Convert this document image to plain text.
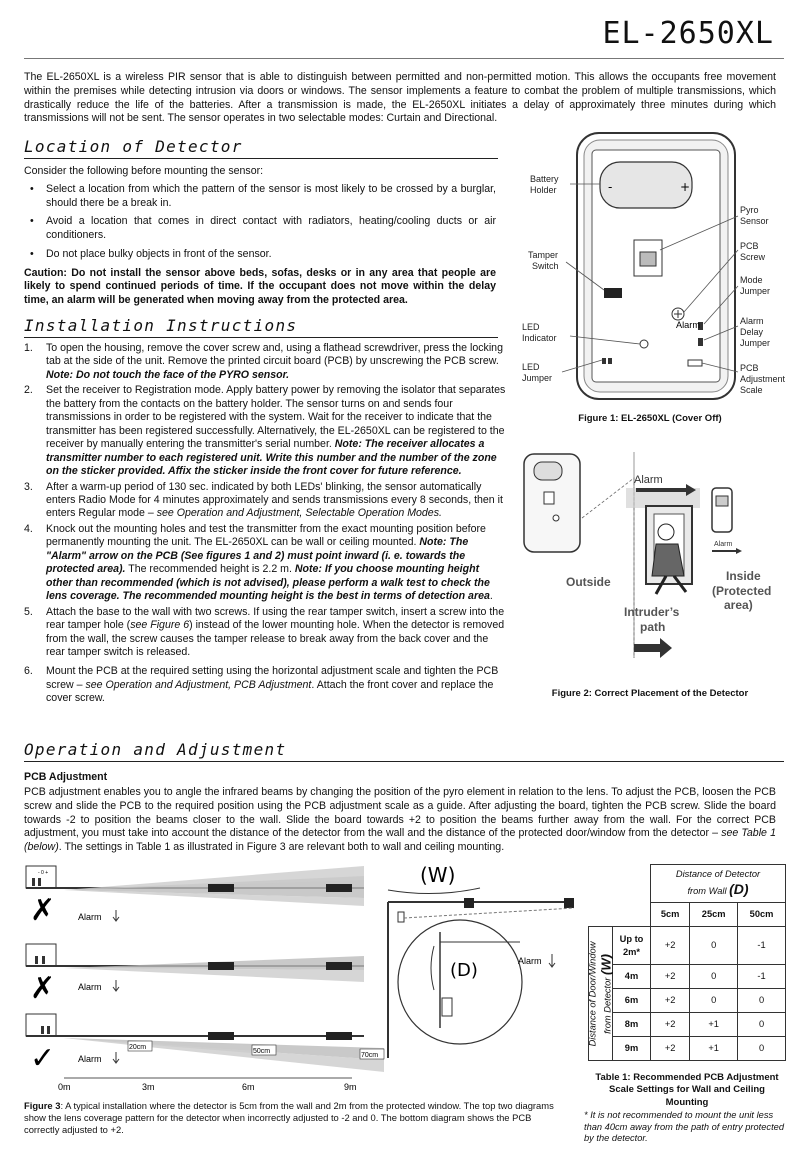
EL-2650XL
The EL-2650XL is a wireless PIR sensor that is able to distinguish between permitted and non-permitted motion. This allows the occupants free movement within the premises while detecting intrusion via doors or windows. The sensor implements a feature to combat the problem of multiple transmissions, which drastically reduce the life of the batteries. After a transmission is made, the EL-2650XL initiates a delay of approximately three minutes during which transmissions will not be sent. The sensor operates in two selectable modes: Curtain and Directional.
Location of Detector
Consider the following before mounting the sensor:
• Select a location from which the pattern of the sensor is most likely to be crossed by a burglar, should there be a break in.
• Avoid a location that comes in direct contact with radiators, heating/cooling ducts or air conditioners.
• Do not place bulky objects in front of the sensor.
Caution: Do not install the sensor above beds, sofas, desks or in any area that people are likely to spend continued periods of time. If the occupant does not move within the delay time, an alarm will be generated when moving away from the protected area.
Installation Instructions
1. To open the housing, remove the cover screw and, using a flathead screwdriver, press the locking tab at the side of the unit. Remove the printed circuit board (PCB) by unscrewing the PCB screw.
Note: Do not touch the face of the PYRO sensor.
2. Set the receiver to Registration mode. Apply battery power by removing the isolator that separates the battery from the contacts on the battery holder. The sensor turns on and sends four transmissions in order to be registered with the system. Wait for the receiver to indicate that the transmitter has been registered successfully. Alternatively, the EL-2650XL can be registered to the receiver by manually entering the transmitter's serial number. Note: The receiver allocates a transmitter number to each registered unit. Write this number and the number of the zone on the sticker provided. Affix the sticker inside the front cover for future reference.
3. After a warm-up period of 130 sec. indicated by both LEDs' blinking, the sensor automatically enters Radio Mode for 4 minutes approximately and sends transmissions every 8 seconds, then it enters Regular mode – see Operation and Adjustment, Selectable Operation Modes.
4. Knock out the mounting holes and test the transmitter from the exact mounting position before permanently mounting the unit. The EL-2650XL can be wall or ceiling mounted. Note: The "Alarm" arrow on the PCB (See figures 1 and 2) must point inward (i. e. towards the protected area). The recommended height is 2.2 m. Note: If you choose mounting height other than recommended (which is not advised), please perform a walk test to check the lens coverage. The recommended mounting height is the best in terms of detection area.
5. Attach the base to the wall with two screws. If using the rear tamper switch, insert a screw into the rear tamper hole (see Figure 6) instead of the lower mounting hole. When the detector is removed from the wall, the screw causes the tamper release to break away from the back cover and the rear tamper switch is released.
6. Mount the PCB at the required setting using the horizontal adjustment scale and tighten the PCB screw – see Operation and Adjustment, PCB Adjustment. Attach the front cover and replace the cover screw.
-	+
Alarm
Battery
Holder
Tamper
Switch
LED
Indicator
LED
Jumper
Pyro
Sensor
PCB
Screw
Mode
Jumper
Alarm
Delay
Jumper
PCB
Adjustment
Scale
Figure 1: EL-2650XL (Cover Off)
Alarm
Alarm
Outside	Inside
(Protected
area)
Intruder’s
path
Figure 2: Correct Placement of the Detector
Operation and Adjustment
PCB Adjustment
PCB adjustment enables you to angle the infrared beams by changing the position of the pyro element in relation to the lens. To adjust the PCB, loosen the PCB screw and slide the PCB to the required position using the PCB adjustment scale as a guide. After adjusting the board, tighten the PCB screw. Slide the board towards -2 to position the beams closer to the wall. Slide the board towards +2 to position the beams further away from the wall. For the correct PCB adjustment, you must take into account the distance of the detector from the wall and the distance of the protected door/window from the detector – see Table 1 (below). The settings in Table 1 as illustrated in Figure 3 are relevant both to wall and ceiling mounting.
- 0 +
✗	Alarm
✗	Alarm
20cm
50cm
70cm
✓	Alarm
0m	3m	6m	9m
(W)
(D)	Alarm
Figure 3: A typical installation where the detector is 5cm from the wall and 2m from the protected window. The top two diagrams show the lens coverage pattern for the detector when incorrectly adjusted to -2 and 0. The bottom diagram shows the PCB correctly adjusted to +2.
		Distance of Detector
from Wall (D)		
		5cm	25cm	50cm

Distance of Door/Window from Detector (W)	Up to 2m*	+2	0	-1
	4m	+2	0	-1
	6m	+2	0	0
	8m	+2	+1	0
	9m	+2	+1	0
Table 1: Recommended PCB Adjustment Scale Settings for Wall and Ceiling Mounting
* It is not recommended to mount the unit less than 40cm away from the path of entry protected by the detector.
